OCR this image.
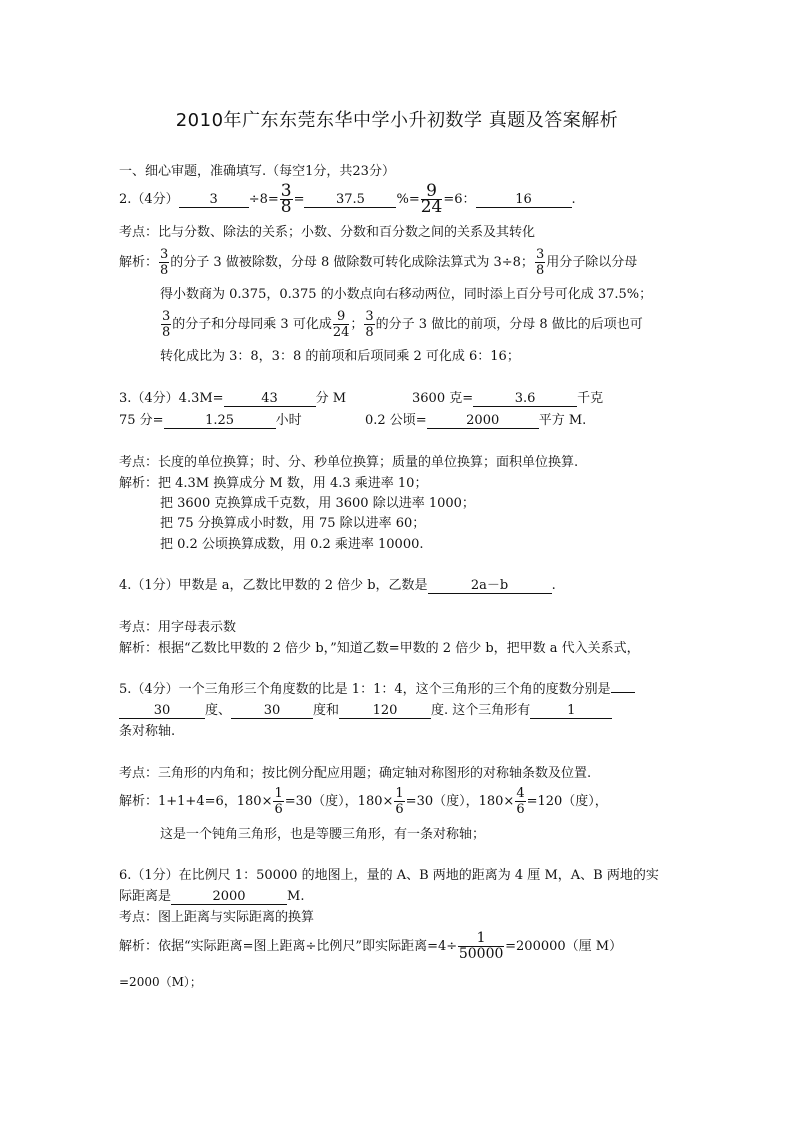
2010年广东东莞东华中学小升初数学 真题及答案解析
一、细心审题，准确填写.（每空1分，共23分）
2.（4分） $3 \div 8= \frac{3}{8} = 37.5$ %= $\frac{9}{24} =6$：	16	.
考点：比与分数、除法的关系；小数、分数和百分数之间的关系及其转化
解析： $\frac{3}{8}$ 的分子 3 做被除数，分母 8 做除数可转化成除法算式为 3÷8； $\frac{3}{8}$ 用分子除以分母
得小数商为 0.375，0.375 的小数点向右移动两位，同时添上百分号可化成 37.5%；
$\frac{3}{8}$ 的分子和分母同乘 3 可化成 $\frac{9}{24}$ ； $\frac{3}{8}$ 的分子 3 做比的前项，分母 8 做比的后项也可
转化成比为 3：8，3：8 的前项和后项同乘 2 可化成 6：16；
3.（4分）4.3M=	43	分 M	3600 克=	3.6	千克
75 分=	1.25	小时	0.2 公顷=	2000	平方 M.
考点：长度的单位换算；时、分、秒单位换算；质量的单位换算；面积单位换算.
解析：把 4.3M 换算成分 M 数，用 4.3 乘进率 10；
把 3600 克换算成千克数，用 3600 除以进率 1000；
把 75 分换算成小时数，用 75 除以进率 60；
把 0.2 公顷换算成数，用 0.2 乘进率 10000.
4.（1分）甲数是 a，乙数比甲数的 2 倍少 b，乙数是	2a－b	.
考点：用字母表示数
解析：根据“乙数比甲数的 2 倍少 b，”知道乙数=甲数的 2 倍少 b，把甲数 a 代入关系式，
5.（4分）一个三角形三个角度数的比是 1：1：4，这个三角形的三个角的度数分别是
30	度、	30	度和	120	度. 这个三角形有	1
条对称轴.
考点：三角形的内角和；按比例分配应用题；确定轴对称图形的对称轴条数及位置.
解析：1+1+4=6，$180\times \frac{1}{6} =30$（度），$180\times \frac{1}{6} =30$（度），$180\times \frac{4}{6} =120$（度），
这是一个钝角三角形，也是等腰三角形，有一条对称轴；
6.（1分）在比例尺 1：50000 的地图上，量的 A、B 两地的距离为 4 厘 M，A、B 两地的实
际距离是	2000	M.
考点：图上距离与实际距离的换算
解析：依据“实际距离=图上距离÷比例尺”即实际距离$=4\div \frac{1}{50000} =200000$（厘 M）
=2000（M）；
